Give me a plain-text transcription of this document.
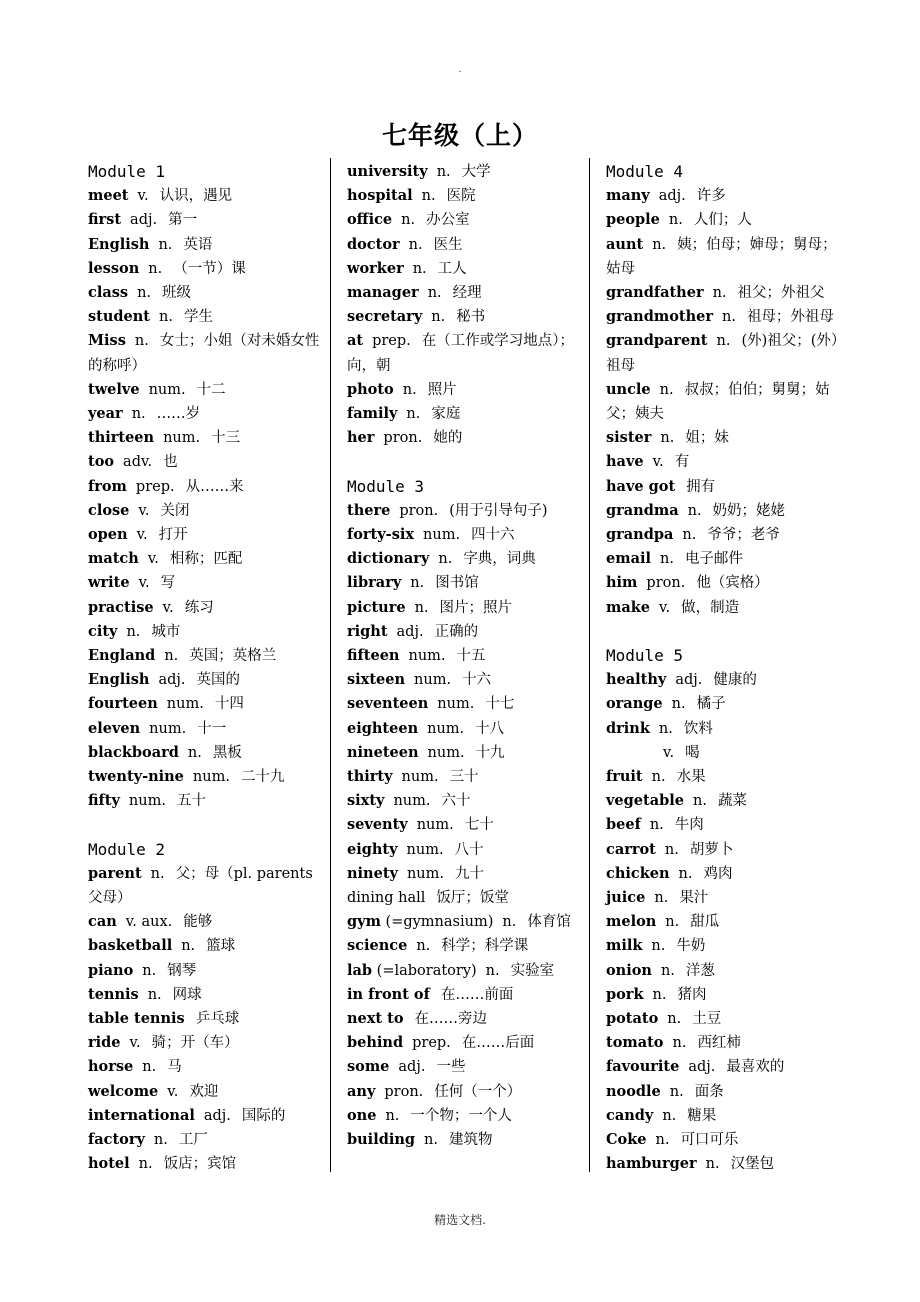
.
七年级（上）
Module 1
meet v. 认识，遇见
first adj. 第一
English n. 英语
lesson n. （一节）课
class n. 班级
student n. 学生
Miss n. 女士；小姐（对未婚女性的称呼）
twelve num. 十二
year n. ……岁
thirteen num. 十三
too adv. 也
from prep. 从……来
close v. 关闭
open v. 打开
match v. 相称；匹配
write v. 写
practise v. 练习
city n. 城市
England n. 英国；英格兰
English adj. 英国的
fourteen num. 十四
eleven num. 十一
blackboard n. 黑板
twenty-nine num. 二十九
fifty num. 五十
Module 2
parent n. 父；母（pl. parents 父母）
can v. aux. 能够
basketball n. 篮球
piano n. 钢琴
tennis n. 网球
table tennis 乒乓球
ride v. 骑；开（车）
horse n. 马
welcome v. 欢迎
international adj. 国际的
factory n. 工厂
hotel n. 饭店；宾馆
university n. 大学
hospital n. 医院
office n. 办公室
doctor n. 医生
worker n. 工人
manager n. 经理
secretary n. 秘书
at prep. 在（工作或学习地点）；向，朝
photo n. 照片
family n. 家庭
her pron. 她的
Module 3
there pron. (用于引导句子)
forty-six num. 四十六
dictionary n. 字典，词典
library n. 图书馆
picture n. 图片；照片
right adj. 正确的
fifteen num. 十五
sixteen num. 十六
seventeen num. 十七
eighteen num. 十八
nineteen num. 十九
thirty num. 三十
sixty num. 六十
seventy num. 七十
eighty num. 八十
ninety num. 九十
dining hall 饭厅；饭堂
gym (=gymnasium) n. 体育馆
science n. 科学；科学课
lab (=laboratory) n. 实验室
in front of 在……前面
next to 在……旁边
behind prep. 在……后面
some adj. 一些
any pron. 任何（一个）
one n. 一个物；一个人
building n. 建筑物
Module 4
many adj. 许多
people n. 人们；人
aunt n. 姨；伯母；婶母；舅母；姑母
grandfather n. 祖父；外祖父
grandmother n. 祖母；外祖母
grandparent n. (外)祖父；(外）祖母
uncle n. 叔叔；伯伯；舅舅；姑父；姨夫
sister n. 姐；妹
have v. 有
have got 拥有
grandma n. 奶奶；姥姥
grandpa n. 爷爷；老爷
email n. 电子邮件
him pron. 他（宾格）
make v. 做，制造
Module 5
healthy adj. 健康的
orange n. 橘子
drink n. 饮料
v. 喝
fruit n. 水果
vegetable n. 蔬菜
beef n. 牛肉
carrot n. 胡萝卜
chicken n. 鸡肉
juice n. 果汁
melon n. 甜瓜
milk n. 牛奶
onion n. 洋葱
pork n. 猪肉
potato n. 土豆
tomato n. 西红柿
favourite adj. 最喜欢的
noodle n. 面条
candy n. 糖果
Coke n. 可口可乐
hamburger n. 汉堡包
精选文档.
